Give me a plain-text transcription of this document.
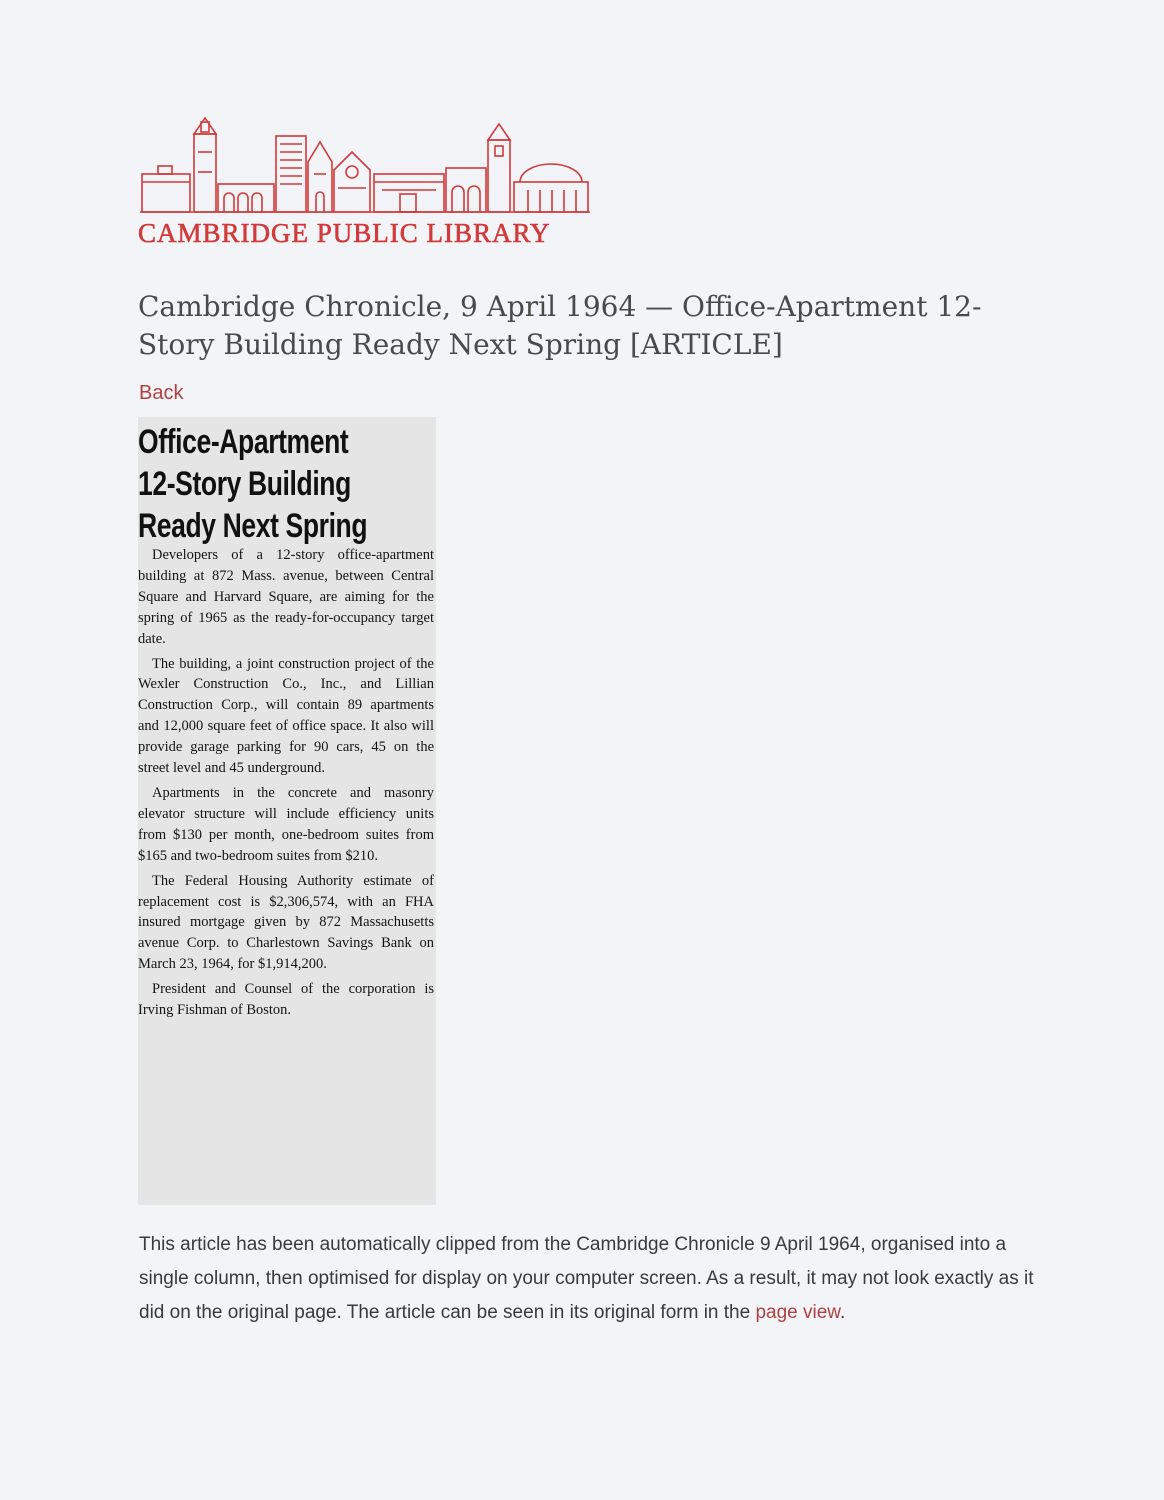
CAMBRIDGE PUBLIC LIBRARY
Cambridge Chronicle, 9 April 1964 — Office-Apartment 12-Story Building Ready Next Spring [ARTICLE]
Back
Office-Apartment
12-Story Building
Ready Next Spring

Developers of a 12-story office-apartment building at 872 Mass. avenue, between Central Square and Harvard Square, are aiming for the spring of 1965 as the ready-for-occupancy target date.

The building, a joint construction project of the Wexler Construction Co., Inc., and Lillian Construction Corp., will contain 89 apartments and 12,000 square feet of office space. It also will provide garage parking for 90 cars, 45 on the street level and 45 underground.

Apartments in the concrete and masonry elevator structure will include efficiency units from $130 per month, one-bedroom suites from $165 and two-bedroom suites from $210.

The Federal Housing Authority estimate of replacement cost is $2,306,574, with an FHA insured mortgage given by 872 Massachusetts avenue Corp. to Charlestown Savings Bank on March 23, 1964, for $1,914,200.

President and Counsel of the corporation is Irving Fishman of Boston.

This article has been automatically clipped from the Cambridge Chronicle 9 April 1964, organised into a single column, then optimised for display on your computer screen. As a result, it may not look exactly as it did on the original page. The article can be seen in its original form in the page view.
